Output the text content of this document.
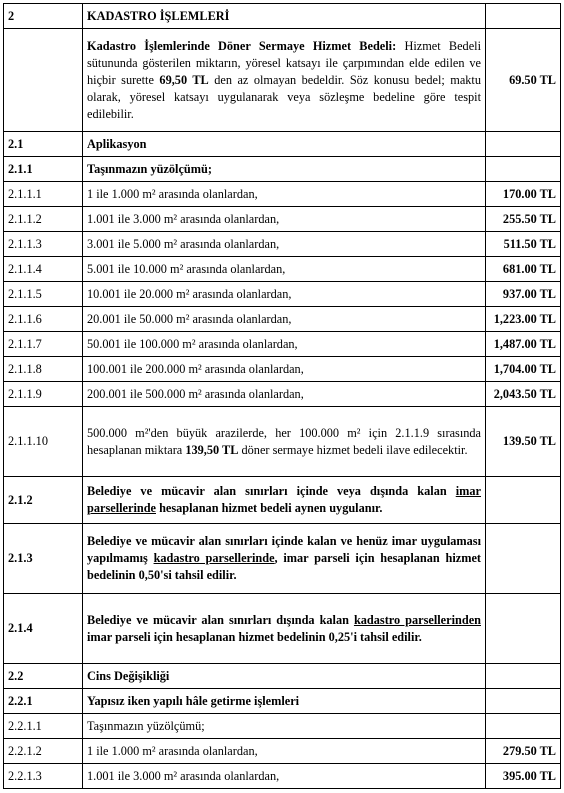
2	KADASTRO İŞLEMLERİ	
	Kadastro İşlemlerinde Döner Sermaye Hizmet Bedeli: Hizmet Bedeli sütununda gösterilen miktarın, yöresel katsayı ile çarpımından elde edilen ve hiçbir surette 69,50 TL den az olmayan bedeldir. Söz konusu bedel; maktu olarak, yöresel katsayı uygulanarak veya sözleşme bedeline göre tespit edilebilir.	69.50 TL
2.1	Aplikasyon	
2.1.1	Taşınmazın yüzölçümü;	
2.1.1.1	1 ile 1.000 m² arasında olanlardan,	170.00 TL
2.1.1.2	1.001 ile 3.000 m² arasında olanlardan,	255.50 TL
2.1.1.3	3.001 ile 5.000 m² arasında olanlardan,	511.50 TL
2.1.1.4	5.001 ile 10.000 m² arasında olanlardan,	681.00 TL
2.1.1.5	10.001 ile 20.000 m² arasında olanlardan,	937.00 TL
2.1.1.6	20.001 ile 50.000 m² arasında olanlardan,	1,223.00 TL
2.1.1.7	50.001 ile 100.000 m² arasında olanlardan,	1,487.00 TL
2.1.1.8	100.001 ile 200.000 m² arasında olanlardan,	1,704.00 TL
2.1.1.9	200.001 ile 500.000 m² arasında olanlardan,	2,043.50 TL
2.1.1.10	500.000 m²'den büyük arazilerde, her 100.000 m² için 2.1.1.9 sırasında hesaplanan miktara 139,50 TL döner sermaye hizmet bedeli ilave edilecektir.	139.50 TL
2.1.2	Belediye ve mücavir alan sınırları içinde veya dışında kalan imar parsellerinde hesaplanan hizmet bedeli aynen uygulanır.	
2.1.3	Belediye ve mücavir alan sınırları içinde kalan ve henüz imar uygulaması yapılmamış kadastro parsellerinde, imar parseli için hesaplanan hizmet bedelinin 0,50'si tahsil edilir.	
2.1.4	Belediye ve mücavir alan sınırları dışında kalan kadastro parsellerinden imar parseli için hesaplanan hizmet bedelinin 0,25'i tahsil edilir.	
2.2	Cins Değişikliği	
2.2.1	Yapısız iken yapılı hâle getirme işlemleri	
2.2.1.1	Taşınmazın yüzölçümü;	
2.2.1.2	1 ile 1.000 m² arasında olanlardan,	279.50 TL
2.2.1.3	1.001 ile 3.000 m² arasında olanlardan,	395.00 TL
